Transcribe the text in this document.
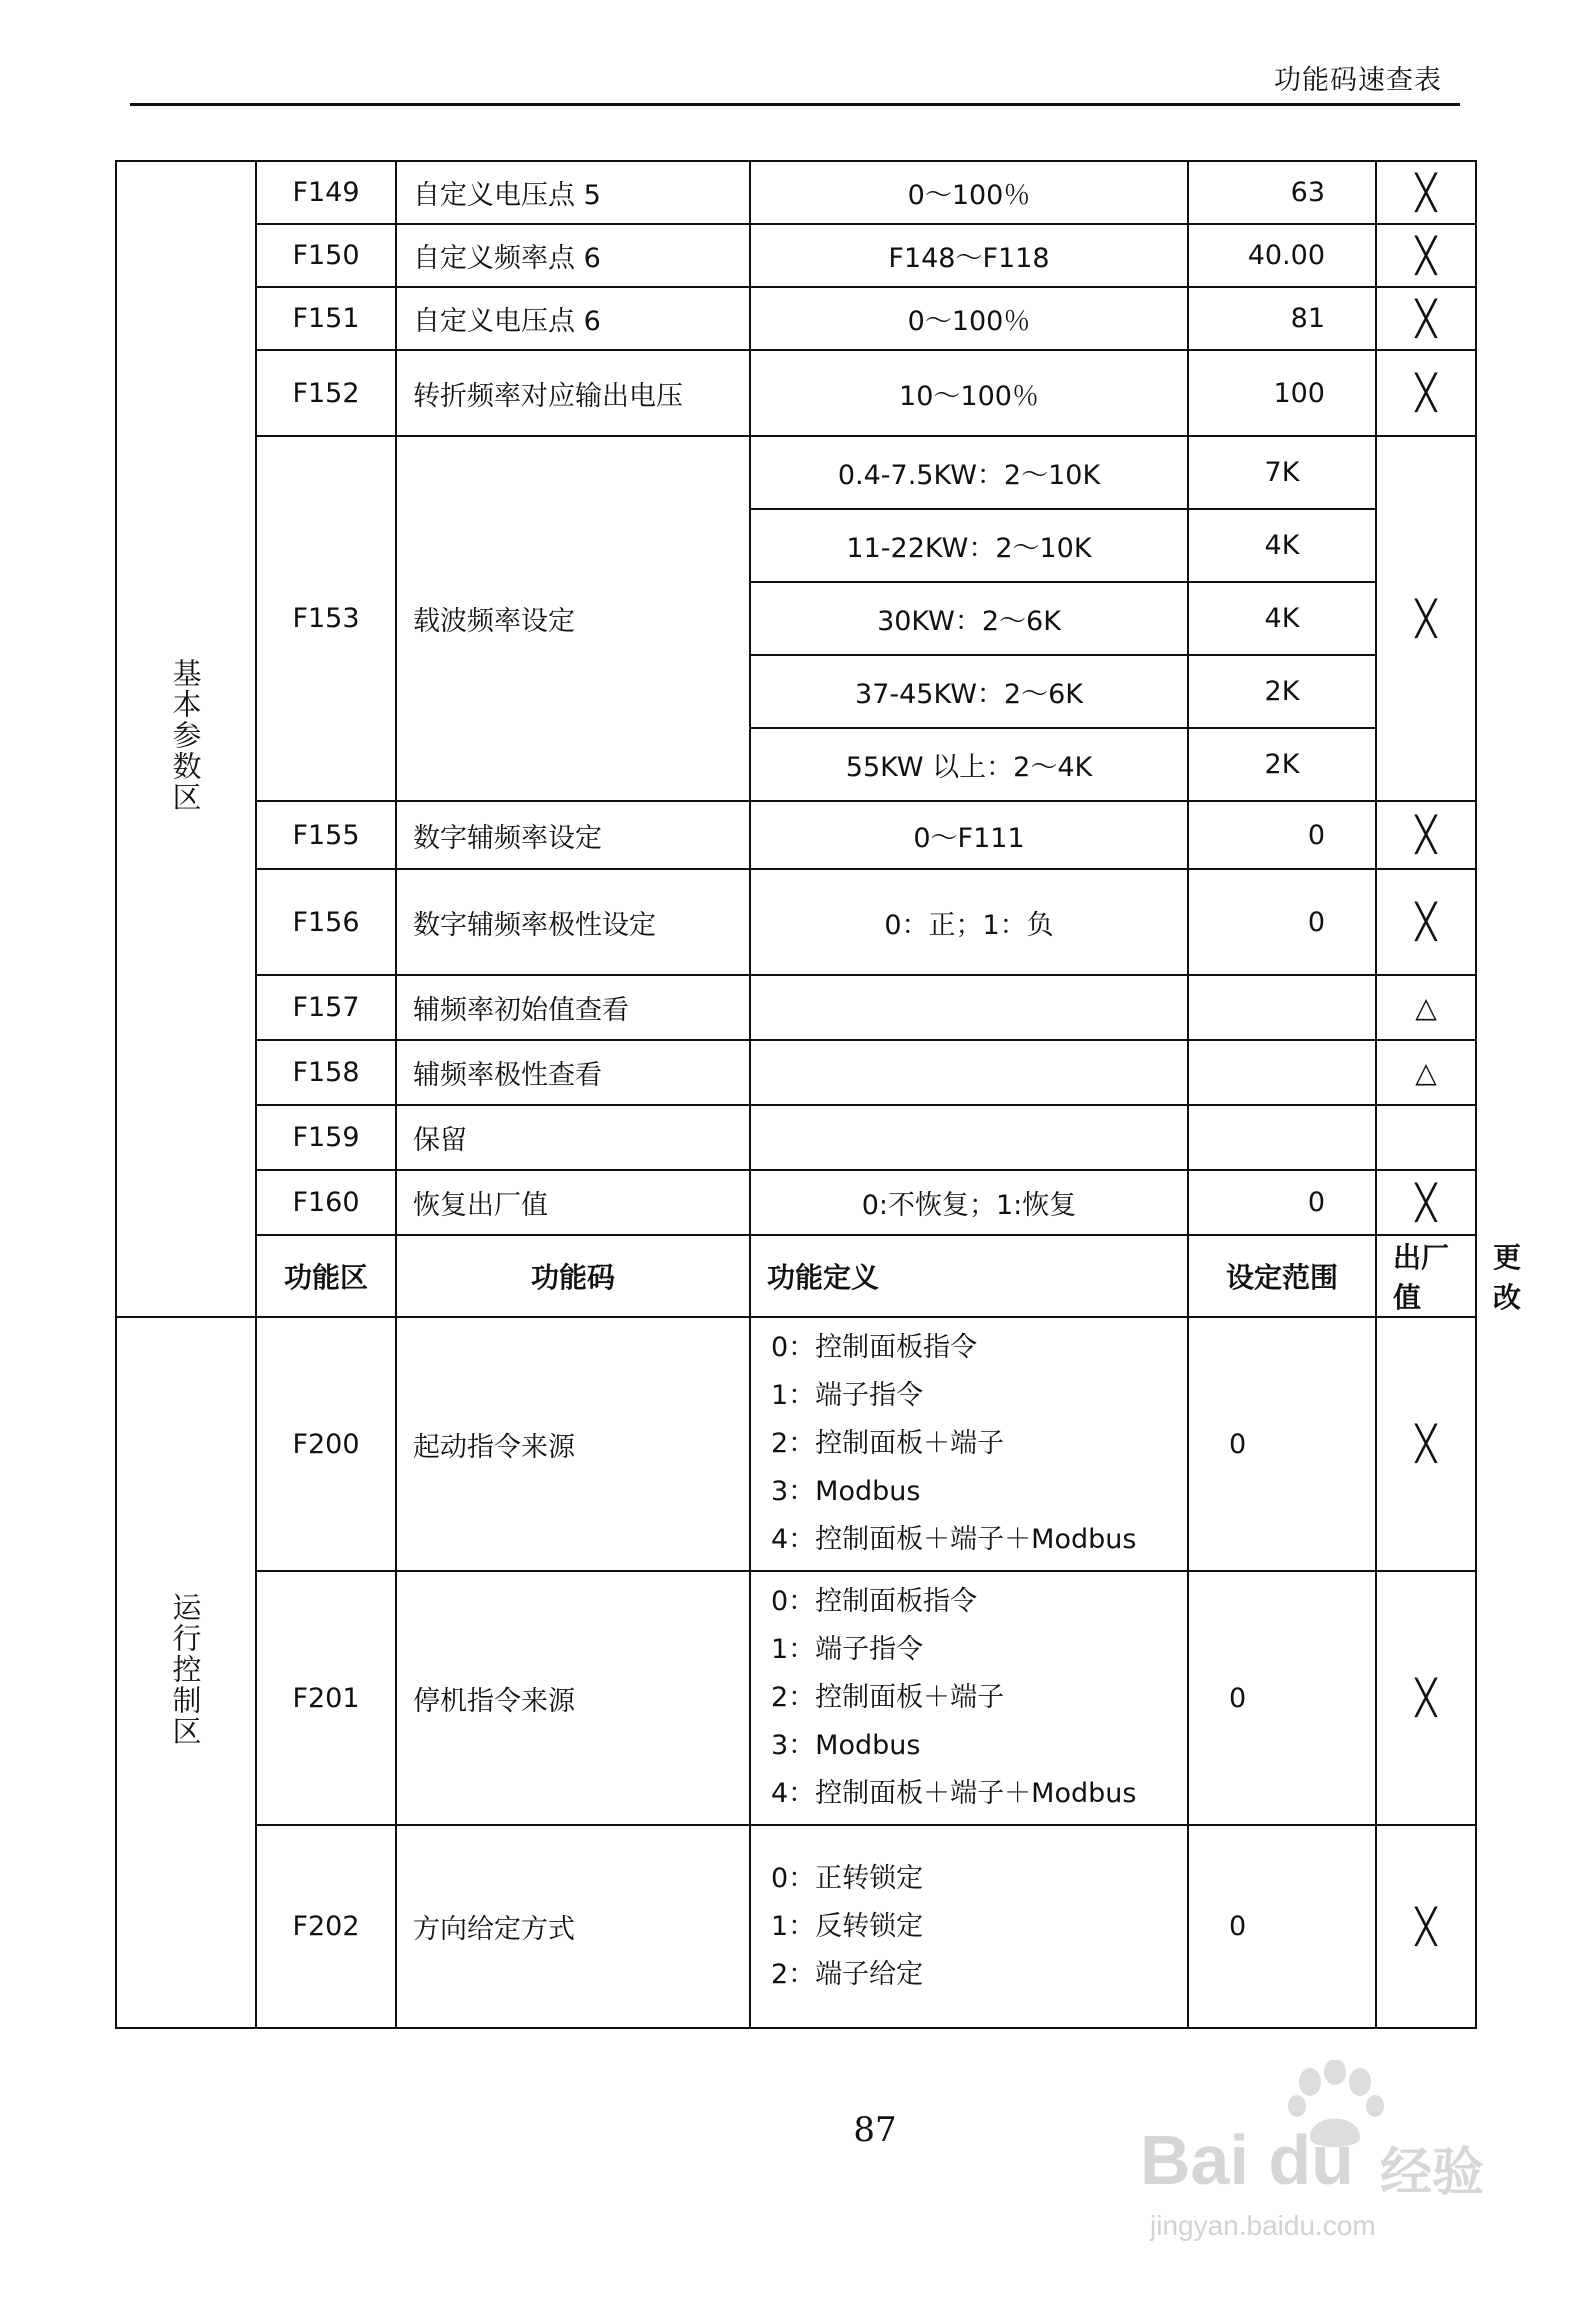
功能码速查表
基本参数区	F149	自定义电压点 5	0～100％	63	╳	
	F150	自定义频率点 6	F148～F118	40.00	╳	
	F151	自定义电压点 6	0～100％	81	╳	
	F152	转折频率对应输出电压	10～100％	100	╳	
	F153	载波频率设定	0.4-7.5KW：2～10K	7K	╳	
			11-22KW：2～10K	4K		
			30KW：2～6K	4K		
			37-45KW：2～6K	2K		
			55KW 以上：2～4K	2K		
	F155	数字辅频率设定	0～F111	0	╳	
	F156	数字辅频率极性设定	0：正；1：负	0	╳	
	F157	辅频率初始值查看			△	
	F158	辅频率极性查看			△	
	F159	保留				
	F160	恢复出厂值	0:不恢复；1:恢复	0	╳	
	功能区	功能码	功能定义	设定范围	出厂值	更改
运行控制区	F200	起动指令来源	0：控制面板指令
1：端子指令
2：控制面板＋端子
3：Modbus
4：控制面板＋端子＋Modbus	0	╳	
	F201	停机指令来源	0：控制面板指令
1：端子指令
2：控制面板＋端子
3：Modbus
4：控制面板＋端子＋Modbus	0	╳	
	F202	方向给定方式	0：正转锁定
1：反转锁定
2：端子给定	0	╳	
87	Bai du 经验
jingyan.baidu.com
